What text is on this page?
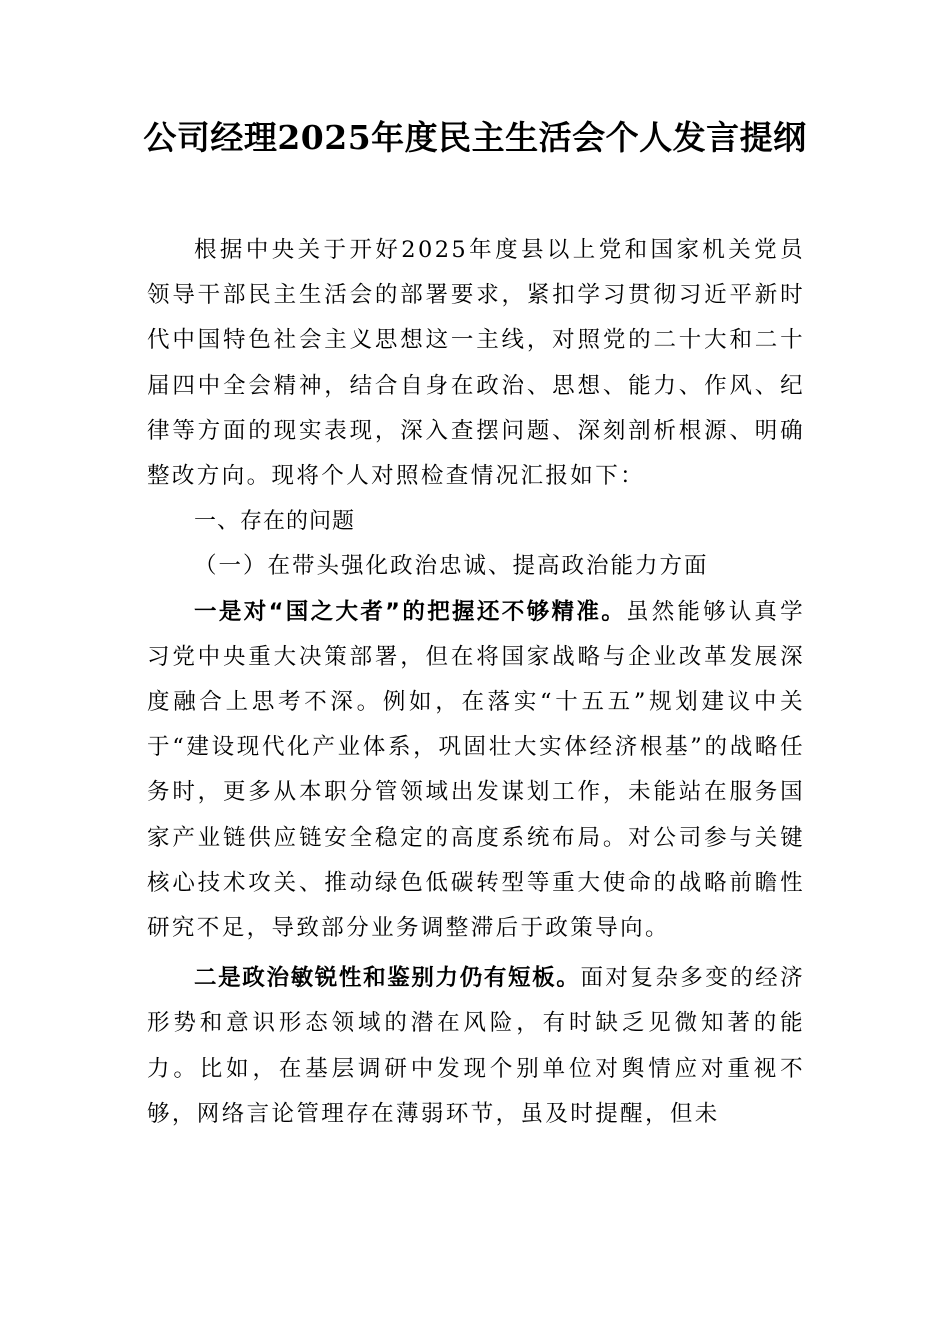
公司经理2025年度民主生活会个人发言提纲

根据中央关于开好2025年度县以上党和国家机关党员领导干部民主生活会的部署要求，紧扣学习贯彻习近平新时代中国特色社会主义思想这一主线，对照党的二十大和二十届四中全会精神，结合自身在政治、思想、能力、作风、纪律等方面的现实表现，深入查摆问题、深刻剖析根源、明确整改方向。现将个人对照检查情况汇报如下：

一、存在的问题

（一）在带头强化政治忠诚、提高政治能力方面

一是对“国之大者”的把握还不够精准。虽然能够认真学习党中央重大决策部署，但在将国家战略与企业改革发展深度融合上思考不深。例如，在落实“十五五”规划建议中关于“建设现代化产业体系，巩固壮大实体经济根基”的战略任务时，更多从本职分管领域出发谋划工作，未能站在服务国家产业链供应链安全稳定的高度系统布局。对公司参与关键核心技术攻关、推动绿色低碳转型等重大使命的战略前瞻性研究不足，导致部分业务调整滞后于政策导向。

二是政治敏锐性和鉴别力仍有短板。面对复杂多变的经济形势和意识形态领域的潜在风险，有时缺乏见微知著的能力。比如，在基层调研中发现个别单位对舆情应对重视不够，网络言论管理存在薄弱环节，虽及时提醒，但未
